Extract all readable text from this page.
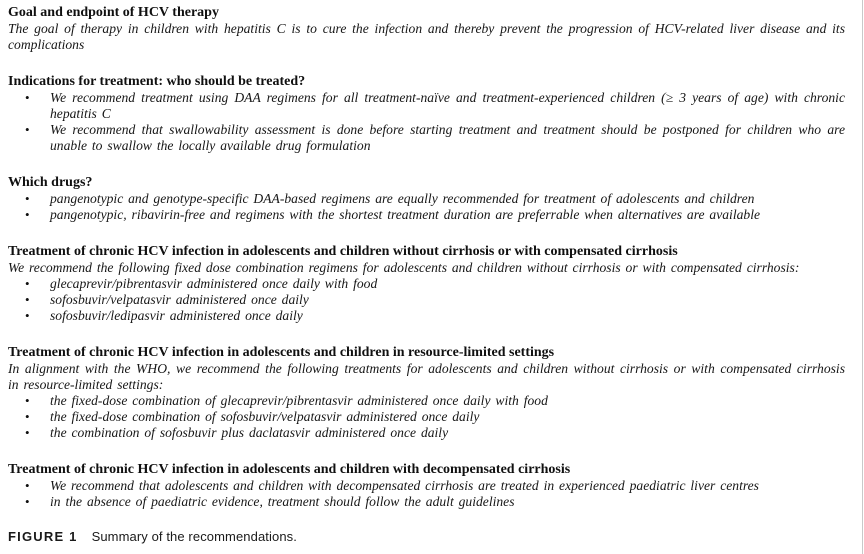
Goal and endpoint of HCV therapy

The goal of therapy in children with hepatitis C is to cure the infection and thereby prevent the progression of HCV-related liver disease and its complications

Indications for treatment: who should be treated?
• We recommend treatment using DAA regimens for all treatment-naïve and treatment-experienced children (≥ 3 years of age) with chronic hepatitis C
• We recommend that swallowability assessment is done before starting treatment and treatment should be postponed for children who are unable to swallow the locally available drug formulation
Which drugs?
• pangenotypic and genotype-specific DAA-based regimens are equally recommended for treatment of adolescents and children
• pangenotypic, ribavirin-free and regimens with the shortest treatment duration are preferrable when alternatives are available
Treatment of chronic HCV infection in adolescents and children without cirrhosis or with compensated cirrhosis

We recommend the following fixed dose combination regimens for adolescents and children without cirrhosis or with compensated cirrhosis:

• glecaprevir/pibrentasvir administered once daily with food
• sofosbuvir/velpatasvir administered once daily
• sofosbuvir/ledipasvir administered once daily
Treatment of chronic HCV infection in adolescents and children in resource-limited settings

In alignment with the WHO, we recommend the following treatments for adolescents and children without cirrhosis or with compensated cirrhosis in resource-limited settings:

• the fixed-dose combination of glecaprevir/pibrentasvir administered once daily with food
• the fixed-dose combination of sofosbuvir/velpatasvir administered once daily
• the combination of sofosbuvir plus daclatasvir administered once daily
Treatment of chronic HCV infection in adolescents and children with decompensated cirrhosis
• We recommend that adolescents and children with decompensated cirrhosis are treated in experienced paediatric liver centres
• in the absence of paediatric evidence, treatment should follow the adult guidelines
FIGURE 1 Summary of the recommendations.
